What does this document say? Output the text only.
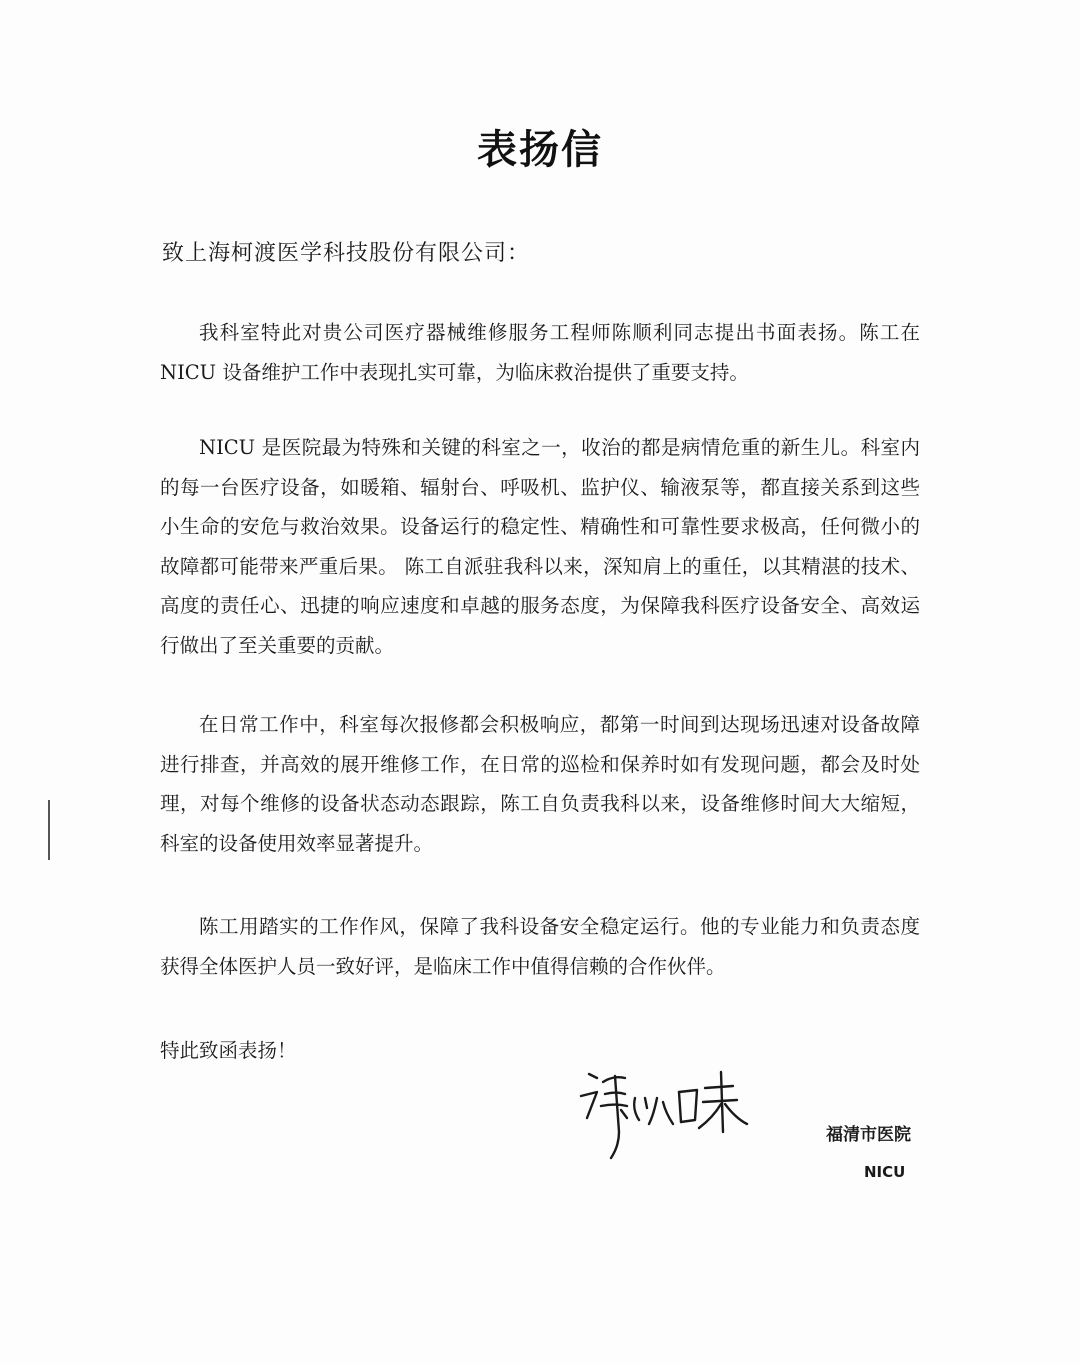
表扬信
致上海柯渡医学科技股份有限公司：

我科室特此对贵公司医疗器械维修服务工程师陈顺利同志提出书面表扬。陈工在 NICU 设备维护工作中表现扎实可靠，为临床救治提供了重要支持。

NICU 是医院最为特殊和关键的科室之一，收治的都是病情危重的新生儿。科室内的每一台医疗设备，如暖箱、辐射台、呼吸机、监护仪、输液泵等，都直接关系到这些小生命的安危与救治效果。设备运行的稳定性、精确性和可靠性要求极高，任何微小的故障都可能带来严重后果。 陈工自派驻我科以来，深知肩上的重任，以其精湛的技术、高度的责任心、迅捷的响应速度和卓越的服务态度，为保障我科医疗设备安全、高效运行做出了至关重要的贡献。

在日常工作中，科室每次报修都会积极响应，都第一时间到达现场迅速对设备故障进行排查，并高效的展开维修工作，在日常的巡检和保养时如有发现问题，都会及时处理，对每个维修的设备状态动态跟踪，陈工自负责我科以来，设备维修时间大大缩短，科室的设备使用效率显著提升。

陈工用踏实的工作作风，保障了我科设备安全稳定运行。他的专业能力和负责态度获得全体医护人员一致好评，是临床工作中值得信赖的合作伙伴。

特此致函表扬！
福清市医院
NICU
